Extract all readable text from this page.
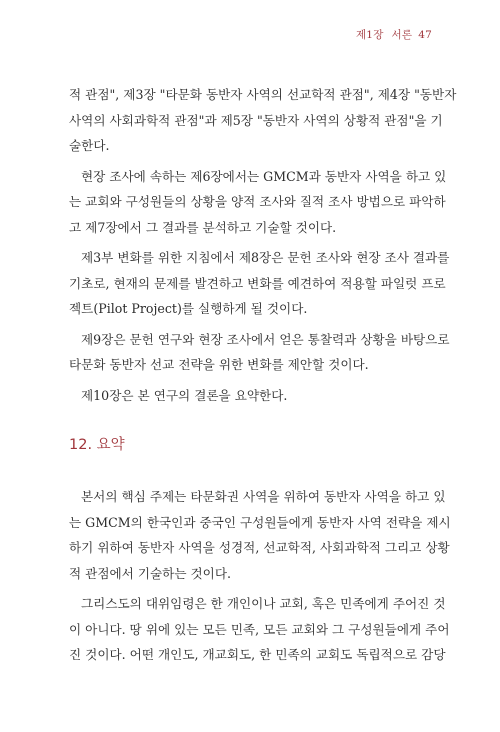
제1장 서론 47
적 관점", 제3장 "타문화 동반자 사역의 선교학적 관점", 제4장 "동반자
사역의 사회과학적 관점"과 제5장 "동반자 사역의 상황적 관점"을 기
술한다.
현장 조사에 속하는 제6장에서는 GMCM과 동반자 사역을 하고 있
는 교회와 구성원들의 상황을 양적 조사와 질적 조사 방법으로 파악하
고 제7장에서 그 결과를 분석하고 기술할 것이다.
제3부 변화를 위한 지침에서 제8장은 문헌 조사와 현장 조사 결과를
기초로, 현재의 문제를 발견하고 변화를 예견하여 적용할 파일럿 프로
젝트(Pilot Project)를 실행하게 될 것이다.
제9장은 문헌 연구와 현장 조사에서 얻은 통찰력과 상황을 바탕으로
타문화 동반자 선교 전략을 위한 변화를 제안할 것이다.
제10장은 본 연구의 결론을 요약한다.
12. 요약
본서의 핵심 주제는 타문화권 사역을 위하여 동반자 사역을 하고 있
는 GMCM의 한국인과 중국인 구성원들에게 동반자 사역 전략을 제시
하기 위하여 동반자 사역을 성경적, 선교학적, 사회과학적 그리고 상황
적 관점에서 기술하는 것이다.
그리스도의 대위임령은 한 개인이나 교회, 혹은 민족에게 주어진 것
이 아니다. 땅 위에 있는 모든 민족, 모든 교회와 그 구성원들에게 주어
진 것이다. 어떤 개인도, 개교회도, 한 민족의 교회도 독립적으로 감당
